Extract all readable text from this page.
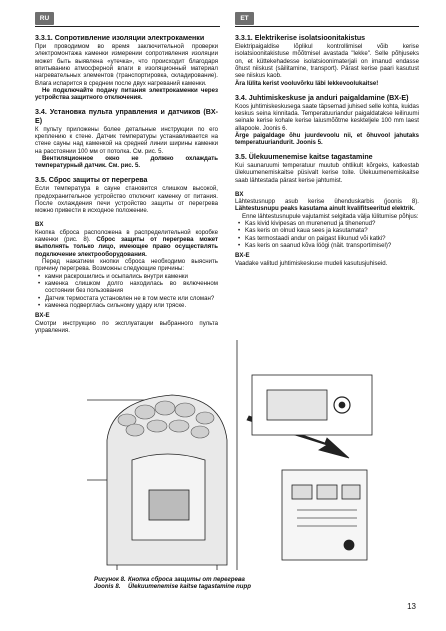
RU	ET
3.3.1. Сопротивление изоляции электрокаменки

При проводимом во время заключительной проверки электромонтажа каменки измерении сопротивления изоляции может быть выявлена «утечка», что происходит благодаря впитыванию атмосферной влаги в изоляционный материал нагревательных элементов (транспортировка, складирование). Влага испарится в среднем после двух нагреваний каменки.

Не подключайте подачу питания электрокаменки через устройства защитного отключения.

3.4. Установка пульта управления и датчиков (BX-E)

К пульту приложены более детальные инструкции по его креплению к стене. Датчик температуры устанавливается на стене сауны над каменкой на средней линии ширины каменки на расстоянии 100 мм от потолка. См. рис. 5.

Вентиляционное окно не должно охлаждать температурный датчик. См. рис. 5.

3.5. Сброс защиты от перегрева

Если температура в сауне становится слишком высокой, предохранительное устройство отключит каменку от питания. После охлаждения печи устройство защиты от перегрева можно привести в исходное положение.

BX

Кнопка сброса расположена в распределительной коробке каменки (рис. 8). Сброс защиты от перегрева может выполнять только лицо, имеющее право осуществлять подключение электрооборудования.

Перед нажатием кнопки сброса необходимо выяснить причину перегрева. Возможны следующие причины:

• камни раскрошились и осыпались внутри каменки
• каменка слишком долго находилась во включенном состоянии без пользования
• Датчик термостата установлен не в том месте или сломан?
• каменка подверглась сильному удару или тряске.

BX-E

Смотри инструкцию по эксплуатации выбранного пульта управления.

3.3.1. Elektrikerise isolatsioonitakistus

Elektripaigaldise lõplikul kontrollimisel võib kerise isolatsioonitakistuse mõõtmisel avastada "lekke". Selle põhjuseks on, et küttekehadesse isolatsioonimaterjali on imanud endasse õhust niiskust (säilitamine, transport). Pärast kerise paari kasutust see niiskus kaob.

Ära lülita kerist vooluvõrku läbi lekkevoolukaitse!

3.4. Juhtimiskeskuse ja anduri paigaldamine (BX-E)

Koos juhtimiskeskusega saate täpsemad juhised selle kohta, kuidas keskus seina kinnitada. Temperatuuriandur paigaldatakse leiliruumi seinale kerise kohale kerise laiusmõõtme keskteljele 100 mm laest allapoole. Joonis 6.

Ärge paigaldage õhu juurdevoolu nii, et õhuvool jahutaks temperatuuriandurit. Joonis 5.

3.5. Ülekuumenemise kaitse tagastamine

Kui saunaruumi temperatuur muutub ohtlikult kõrgeks, katkestab ülekuumenemiskaitse püsivalt kerise toite. Ülekuumenemiskaitse saab lähtestada pärast kerise jahtumist.

BX

Lähtestusnupp asub kerise ühenduskarbis (joonis 8). Lähtestusnupu peaks kasutama ainult kvalifitseeritud elektrik.

Enne lähtestusnupule vajutamist selgitada välja lülitumise põhjus:

• Kas kivid kivipesas on murenenud ja tihenenud?
• Kas keris on olnud kaua sees ja kasutamata?
• Kas termostaadi andur on paigast liikunud või katki?
• Kas keris on saanud kõva löögi (näit. transportimisel)?

BX-E

Vaadake valitud juhtimiskeskuse mudeli kasutusjuhiseid.

Рисунок 8. Кнопка сброса защиты от перегрева
Joonis 8. Ülekuumenemise kaitse tagastamine nupp
13
